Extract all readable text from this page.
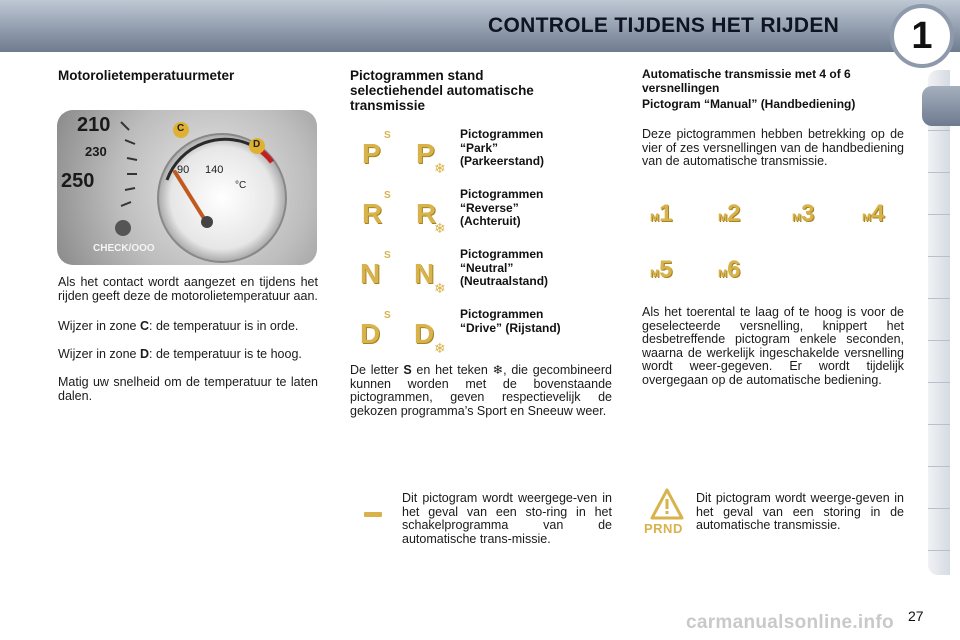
CONTROLE TIJDENS HET RIJDEN 1
Motorolietemperatuurmeter
210
230
250	90 140
°C
C
D
CHECK/OOO
Als het contact wordt aangezet en tijdens het rijden geeft deze de motorolietemperatuur aan.
Wijzer in zone C: de temperatuur is in orde.
Wijzer in zone D: de temperatuur is te hoog.
Matig uw snelheid om de temperatuur te laten dalen.
Pictogrammen stand
selectiehendel automatische
transmissie
S
P P ❄
Pictogrammen
“Park”
(Parkeerstand)
S
R R
❄
Pictogrammen
“Reverse”
(Achteruit)
S
N N ❄
Pictogrammen
“Neutral”
(Neutraalstand)
S
D D ❄
Pictogrammen
“Drive” (Rijstand)
De letter S en het teken ❄, die gecombineerd kunnen worden met de bovenstaande pictogrammen, geven respectievelijk de gekozen programma’s Sport en Sneeuw weer.
Dit pictogram wordt weergege-ven in het geval van een sto-ring in het schakelprogramma van de automatische trans-missie.
Automatische transmissie met 4 of 6 versnellingen
Pictogram “Manual” (Handbediening)
Deze pictogrammen hebben betrekking op de vier of zes versnellingen van de handbediening van de automatische transmissie.
M1	M2	M3	M4
M5	M6
Als het toerental te laag of te hoog is voor de geselecteerde versnelling, knippert het desbetreffende pictogram enkele seconden, waarna de werkelijk ingeschakelde versnelling wordt weer-gegeven. Er wordt tijdelijk overgegaan op de automatische bediening.
PRND
Dit pictogram wordt weerge-geven in het geval van een storing in de automatische transmissie.
27
carmanualsonline.info
